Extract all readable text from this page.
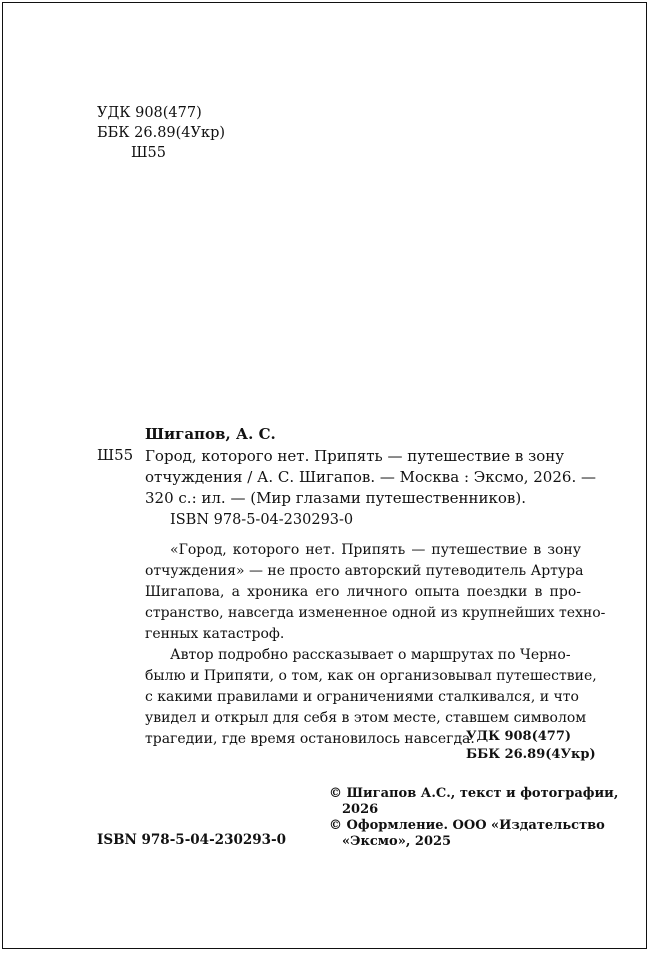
УДК 908(477)
ББК 26.89(4Укр)
Ш55
Шигапов, А. С.
Ш55 Город, которого нет. Припять — путешествие в зону
отчуждения / А. С. Шигапов. — Москва : Эксмо, 2026. —
320 с.: ил. — (Мир глазами путешественников).
ISBN 978-5-04-230293-0
«Город, которого нет. Припять — путешествие в зону
отчуждения» — не просто авторский путеводитель Артура
Шигапова, а хроника его личного опыта поездки в про-
странство, навсегда измененное одной из крупнейших техно-
генных катастроф.
Автор подробно рассказывает о маршрутах по Черно-
былю и Припяти, о том, как он организовывал путешествие,
с какими правилами и ограничениями сталкивался, и что
увидел и открыл для себя в этом месте, ставшем символом
трагедии, где время остановилось навсегда.
УДК 908(477)
ББК 26.89(4Укр)
ISBN 978-5-04-230293-0
© Шигапов А.С., текст и фотографии,
2026
© Оформление. ООО «Издательство
«Эксмо», 2025
